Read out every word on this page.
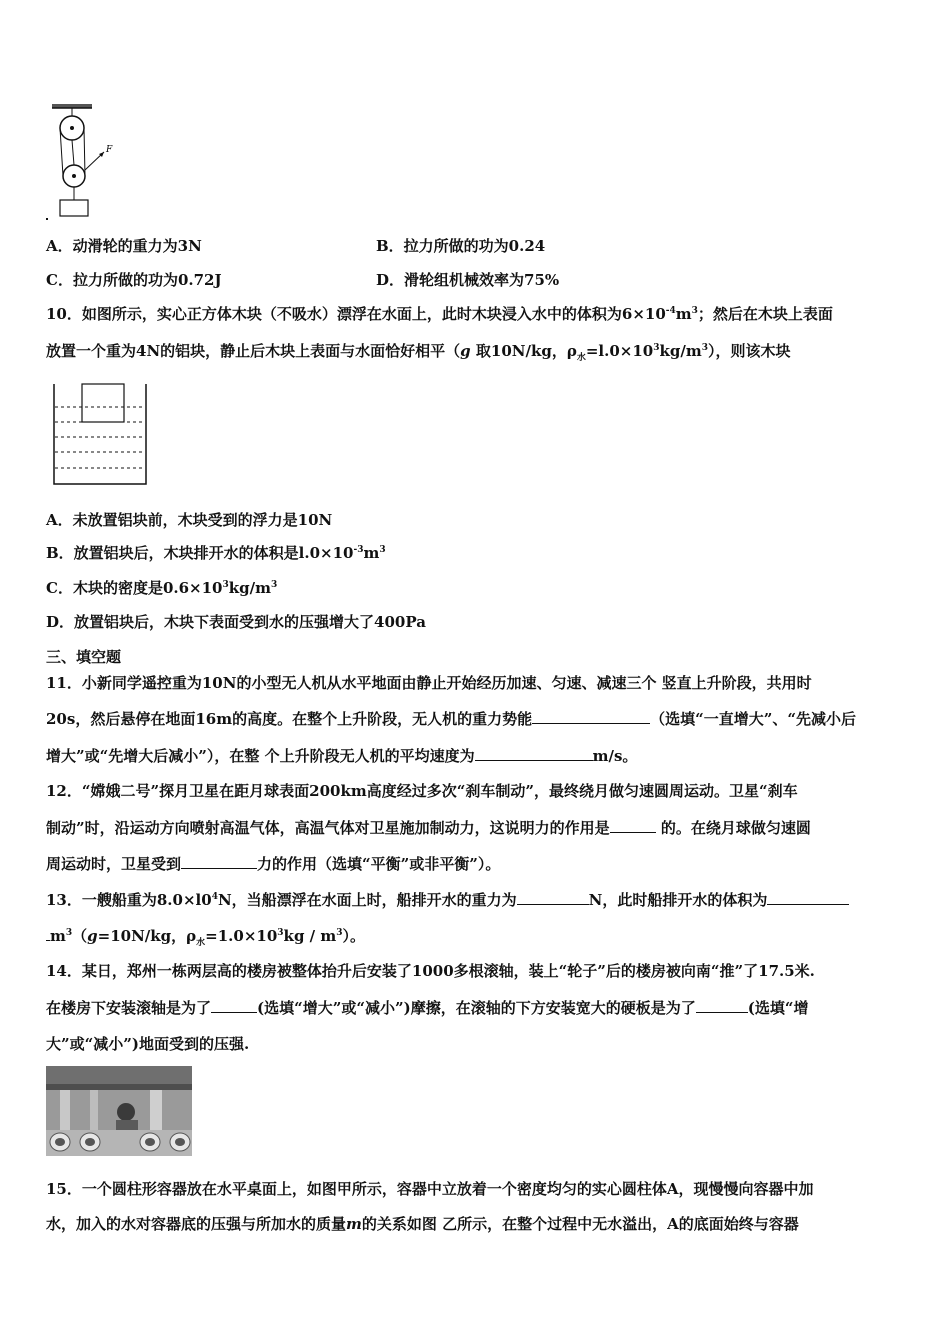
F
A．动滑轮的重力为3N	B．拉力所做的功为0.24
C．拉力所做的功为0.72J	D．滑轮组机械效率为75%
10．如图所示，实心正方体木块（不吸水）漂浮在水面上，此时木块浸入水中的体积为$6\times 10^{-4}m^3$；然后在木块上表面
放置一个重为4N的铝块，静止后木块上表面与水面恰好相平（g 取10N/kg，$\rho_水=l.0\times 10^3kg/m^3$），则该木块
A．未放置铝块前，木块受到的浮力是10N
B．放置铝块后，木块排开水的体积是$l.0\times 10^{-3}m^3$
C．木块的密度是$0.6\times 10^3kg/m^3$
D．放置铝块后，木块下表面受到水的压强增大了400Pa
三、填空题
11．小新同学遥控重为10N的小型无人机从水平地面由静止开始经历加速、匀速、减速三个 竖直上升阶段，共用时
20s，然后悬停在地面16m的高度。在整个上升阶段，无人机的重力势能	（选填“一直增大”、“先减小后
增大”或“先增大后减小”），在整 个上升阶段无人机的平均速度为	m/s。
12．“嫦娥二号”探月卫星在距月球表面200km高度经过多次“刹车制动”，最终绕月做匀速圆周运动。卫星“刹车
制动”时，沿运动方向喷射高温气体，高温气体对卫星施加制动力，这说明力的作用是	的。在绕月球做匀速圆
周运动时，卫星受到	力的作用（选填“平衡”或非平衡”）。
13．一艘船重为$8.0\times l0^4N$，当船漂浮在水面上时，船排开水的重力为	N，此时船排开水的体积为
$m^3(g=10N/kg$，$\rho_水=1.0\times 10^3kg / m^3$）。
14．某日，郑州一栋两层高的楼房被整体抬升后安装了1000多根滚轴，装上“轮子”后的楼房被向南“推”了17.5米.
在楼房下安装滚轴是为了	(选填“增大”或“减小”)摩擦，在滚轴的下方安装宽大的硬板是为了	(选填“增
大”或“减小”)地面受到的压强.
15．一个圆柱形容器放在水平桌面上，如图甲所示，容器中立放着一个密度均匀的实心圆柱体A，现慢慢向容器中加
水，加入的水对容器底的压强与所加水的质量m的关系如图 乙所示，在整个过程中无水溢出，A的底面始终与容器
